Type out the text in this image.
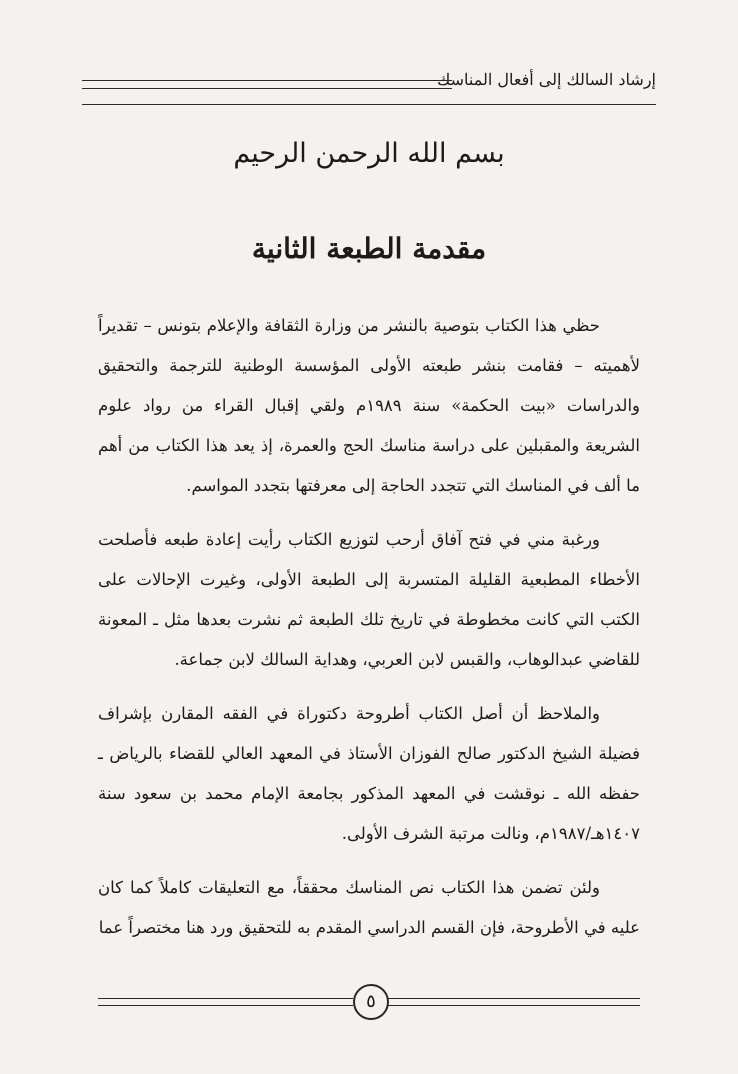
إرشاد السالك إلى أفعال المناسك
بسم الله الرحمن الرحيم
مقدمة الطبعة الثانية

حظي هذا الكتاب بتوصية بالنشر من وزارة الثقافة والإعلام بتونس – تقديراً لأهميته – فقامت بنشر طبعته الأولى المؤسسة الوطنية للترجمة والتحقيق والدراسات «بيت الحكمة» سنة ١٩٨٩م ولقي إقبال القراء من رواد علوم الشريعة والمقبلين على دراسة مناسك الحج والعمرة، إذ يعد هذا الكتاب من أهم ما ألف في المناسك التي تتجدد الحاجة إلى معرفتها بتجدد المواسم.

ورغبة مني في فتح آفاق أرحب لتوزيع الكتاب رأيت إعادة طبعه فأصلحت الأخطاء المطبعية القليلة المتسربة إلى الطبعة الأولى، وغيرت الإحالات على الكتب التي كانت مخطوطة في تاريخ تلك الطبعة ثم نشرت بعدها مثل ـ المعونة للقاضي عبدالوهاب، والقبس لابن العربي، وهداية السالك لابن جماعة.

والملاحظ أن أصل الكتاب أطروحة دكتوراة في الفقه المقارن بإشراف فضيلة الشيخ الدكتور صالح الفوزان الأستاذ في المعهد العالي للقضاء بالرياض ـ حفظه الله ـ نوقشت في المعهد المذكور بجامعة الإمام محمد بن سعود سنة ١٤٠٧هـ/١٩٨٧م، ونالت مرتبة الشرف الأولى.

ولئن تضمن هذا الكتاب نص المناسك محققاً، مع التعليقات كاملاً كما كان عليه في الأطروحة، فإن القسم الدراسي المقدم به للتحقيق ورد هنا مختصراً عما

٥
